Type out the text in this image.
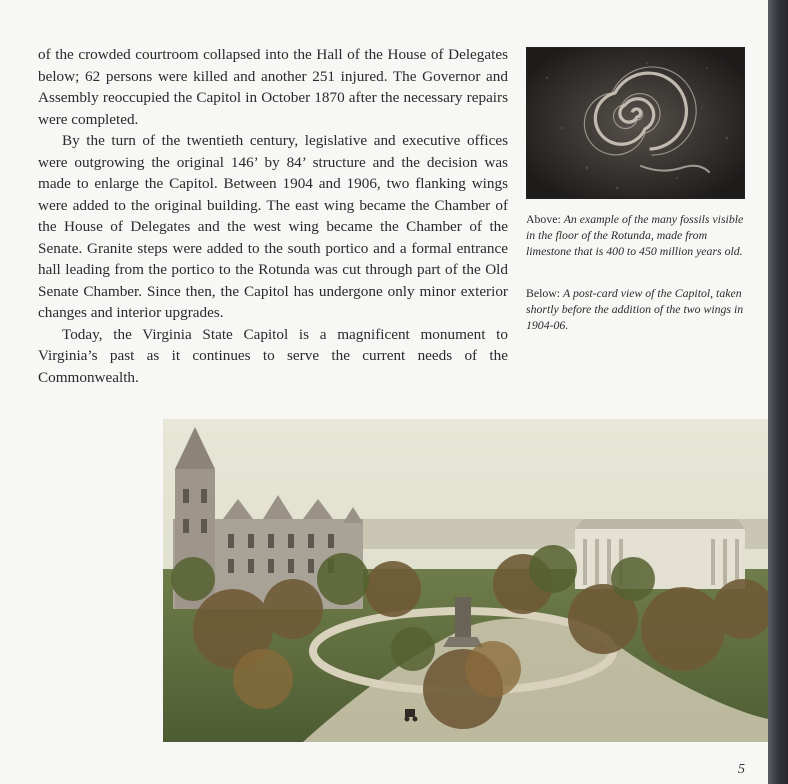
of the crowded courtroom collapsed into the Hall of the House of Delegates below; 62 persons were killed and another 251 injured. The Governor and Assembly reoccupied the Capitol in October 1870 after the necessary repairs were completed.

By the turn of the twentieth century, legislative and executive offices were outgrowing the original 146’ by 84’ structure and the decision was made to enlarge the Capitol. Between 1904 and 1906, two flanking wings were added to the original building. The east wing became the Chamber of the House of Delegates and the west wing became the Chamber of the Senate. Granite steps were added to the south portico and a formal entrance hall leading from the portico to the Rotunda was cut through part of the Old Senate Chamber. Since then, the Capitol has undergone only minor exterior changes and interior upgrades.

Today, the Virginia State Capitol is a magnificent monument to Virginia’s past as it continues to serve the current needs of the Commonwealth.

Above: An example of the many fossils visible in the floor of the Rotunda, made from limestone that is 400 to 450 million years old.
Below: A post-card view of the Capitol, taken shortly before the addition of the two wings in 1904-06.
5
